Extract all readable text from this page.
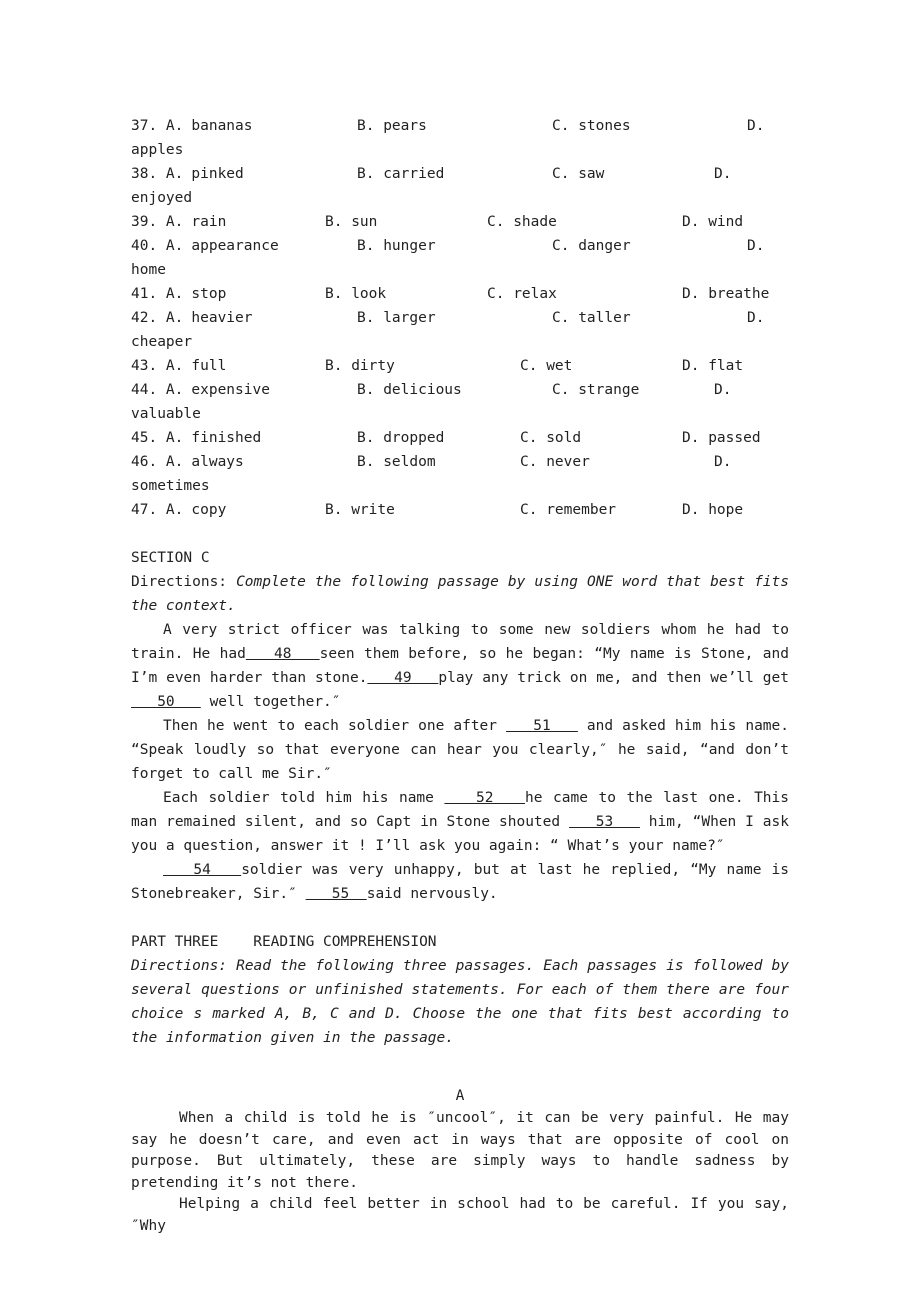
37. A. bananas	B. pears	C. stones	D.
apples
38. A. pinked	B. carried	C. saw	D.
enjoyed
39. A. rain	B. sun	C. shade	D. wind
40. A. appearance	B. hunger	C. danger	D.
home
41. A. stop	B. look	C. relax	D. breathe
42. A. heavier	B. larger	C. taller	D.
cheaper
43. A. full	B. dirty	C. wet	D. flat
44. A. expensive	B. delicious	C. strange	D.
valuable
45. A. finished	B. dropped	C. sold	D. passed
46. A. always	B. seldom	C. never	D.
sometimes
47. A. copy	B. write	C. remember	D. hope
SECTION C
Directions: Complete the following passage by using ONE word that best fits the context.
A very strict officer was talking to some new soldiers whom he had to train. He had   48   seen them before, so he began: “My name is Stone, and I’m even harder than stone.   49   play any trick on me, and then we’ll get    50    well together.″
Then he went to each soldier one after    51    and asked him his name. “Speak loudly so that everyone can hear you clearly,″ he said, “and don’t forget to call me Sir.″
Each soldier told him his name    52   he came to the last one. This man remained silent, and so Capt in Stone shouted    53    him, “When I ask you a question, answer it ! I’ll ask you again: “ What’s your name?″
54   soldier was very unhappy, but at last he replied, “My name is Stonebreaker, Sir.″    55  said nervously.
PART THREE    READING COMPREHENSION
Directions: Read the following three passages. Each passages is followed by several questions or unfinished statements. For each of them there are four choice s marked A, B, C and D. Choose the one that fits best according to the information given in the passage.
A
When a child is told he is ″uncool″, it can be very painful. He may say he doesn’t care, and even act in ways that are opposite of cool on purpose. But ultimately, these are simply ways to handle sadness by pretending it’s not there.
Helping a child feel better in school had to be careful. If you say, ″Why
